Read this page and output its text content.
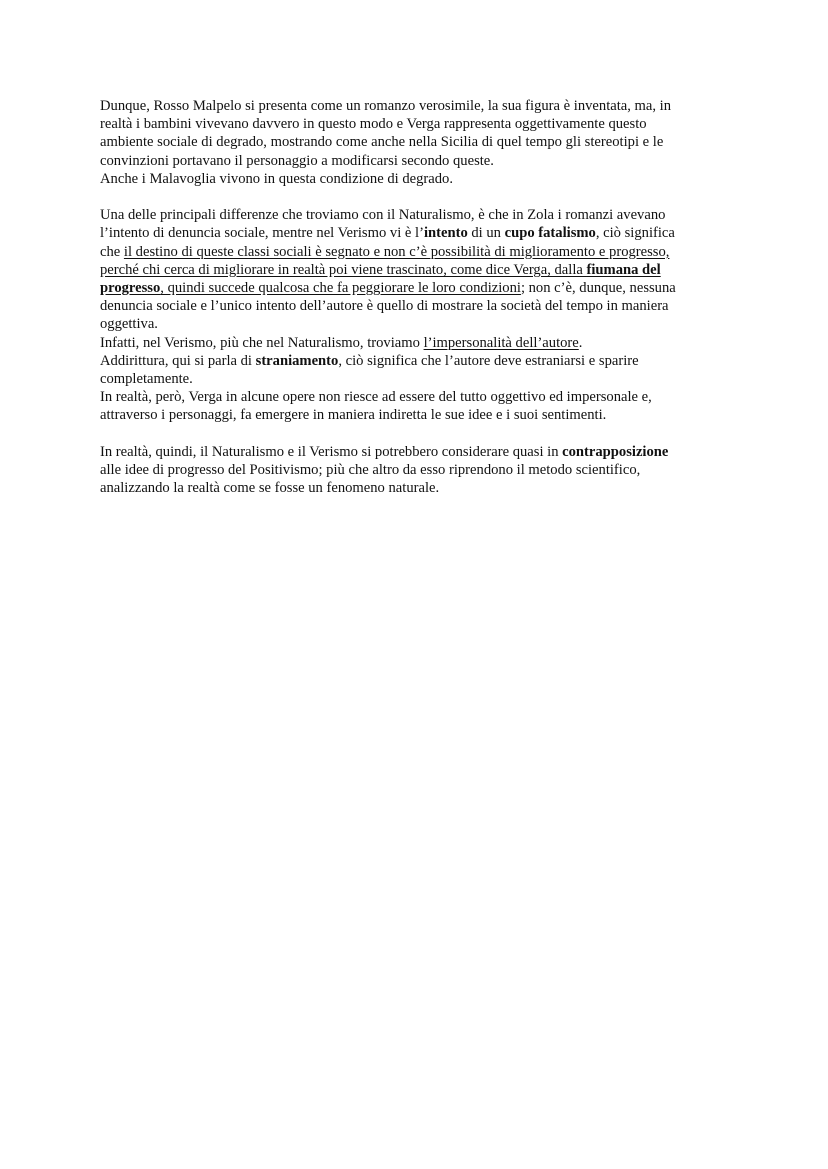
Dunque, Rosso Malpelo si presenta come un romanzo verosimile, la sua figura è inventata, ma, in
realtà i bambini vivevano davvero in questo modo e Verga rappresenta oggettivamente questo
ambiente sociale di degrado, mostrando come anche nella Sicilia di quel tempo gli stereotipi e le
convinzioni portavano il personaggio a modificarsi secondo queste.
Anche i Malavoglia vivono in questa condizione di degrado.
Una delle principali differenze che troviamo con il Naturalismo, è che in Zola i romanzi avevano
l’intento di denuncia sociale, mentre nel Verismo vi è l’intento di un cupo fatalismo, ciò significa
che il destino di queste classi sociali è segnato e non c’è possibilità di miglioramento e progresso,
perché chi cerca di migliorare in realtà poi viene trascinato, come dice Verga, dalla fiumana del
progresso, quindi succede qualcosa che fa peggiorare le loro condizioni; non c’è, dunque, nessuna
denuncia sociale e l’unico intento dell’autore è quello di mostrare la società del tempo in maniera
oggettiva.
Infatti, nel Verismo, più che nel Naturalismo, troviamo l’impersonalità dell’autore.
Addirittura, qui si parla di straniamento, ciò significa che l’autore deve estraniarsi e sparire
completamente.
In realtà, però, Verga in alcune opere non riesce ad essere del tutto oggettivo ed impersonale e,
attraverso i personaggi, fa emergere in maniera indiretta le sue idee e i suoi sentimenti.
In realtà, quindi, il Naturalismo e il Verismo si potrebbero considerare quasi in contrapposizione
alle idee di progresso del Positivismo; più che altro da esso riprendono il metodo scientifico,
analizzando la realtà come se fosse un fenomeno naturale.
